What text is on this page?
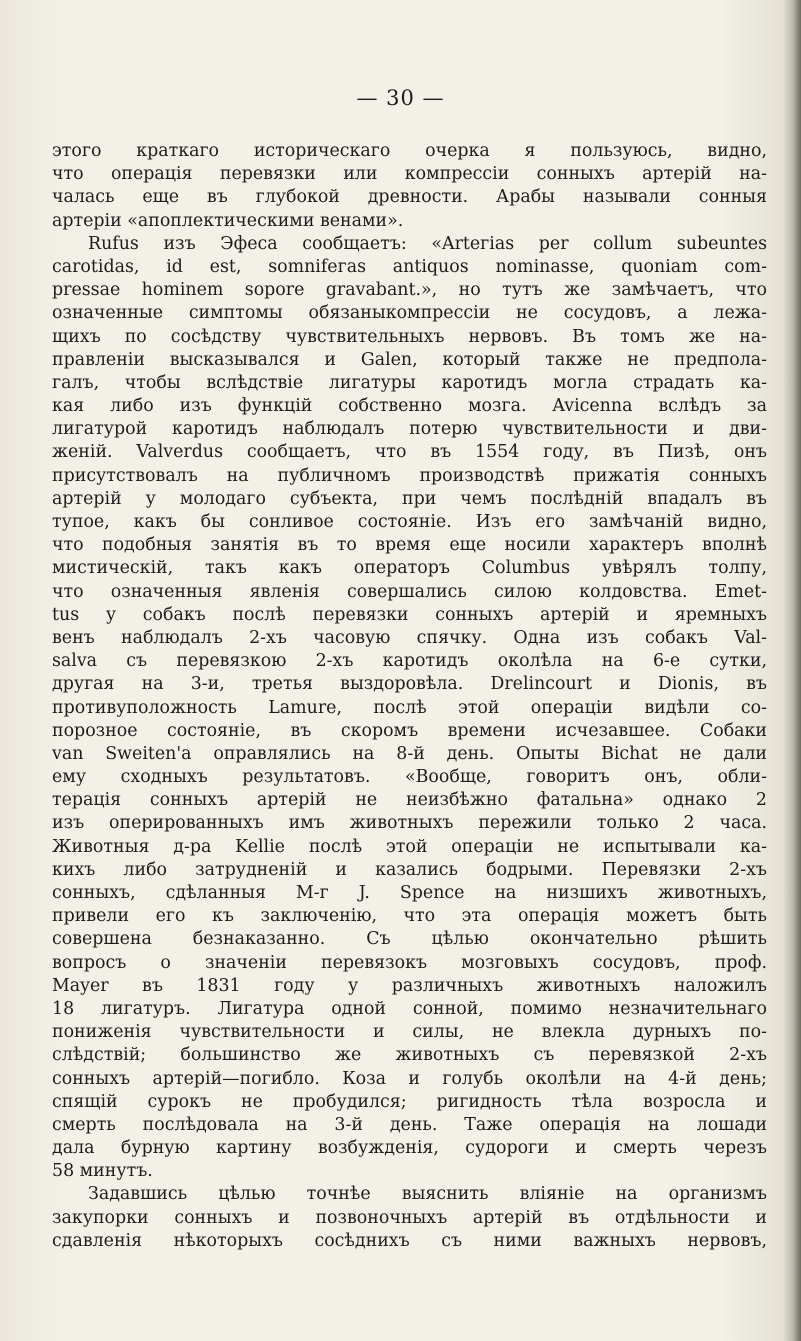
— 30 —
этого краткаго историческаго очерка я пользуюсь, видно,
что операція перевязки или компрессіи сонныхъ артерій на-
чалась еще въ глубокой древности. Арабы называли сонныя
артеріи «апоплектическими венами».
Rufus изъ Эфеса сообщаетъ: «Arteгias per collum subeuntes
carotidas, id est, somnifeгas antiquos nominasse, quoniam com-
pressae hominem sopore gravabant.», но тутъ же замѣчаетъ, что
означенные симптомы обязаныкомпрессіи не сосудовъ, а лежа-
щихъ по сосѣдству чувствительныхъ нервовъ. Въ томъ же на-
правленіи высказывался и Galen, который также не предпола-
галъ, чтобы вслѣдствіе лигатуры каротидъ могла страдать ка-
кая либо изъ функцій собственно мозга. Avicenna вслѣдъ за
лигатурой каротидъ наблюдалъ потерю чувствительности и дви-
женій. Valverdus сообщаетъ, что въ 1554 году, въ Пизѣ, онъ
присутствовалъ на публичномъ производствѣ прижатія сонныхъ
артерій у молодаго субъекта, при чемъ послѣдній впадалъ въ
тупое, какъ бы сонливое состояніе. Изъ его замѣчаній видно,
что подобныя занятія въ то время еще носили характеръ вполнѣ
мистическій, такъ какъ операторъ Columbus увѣрялъ толпу,
что означенныя явленія совершались силою колдовства. Emet-
tus у собакъ послѣ перевязки сонныхъ артерій и яремныхъ
венъ наблюдалъ 2-хъ часовую спячку. Одна изъ собакъ Val-
salva съ перевязкою 2-хъ каротидъ околѣла на 6-е сутки,
другая на 3-и, третья выздоровѣла. Drelincourt и Dionis, въ
противуположность Lamure, послѣ этой операціи видѣли со-
порозное состояніе, въ скоромъ времени исчезавшее. Собаки
van Sweiten'а оправлялись на 8-й день. Опыты Bichat не дали
ему сходныхъ результатовъ. «Вообще, говоритъ онъ, обли-
терація сонныхъ артерій не неизбѣжно фатальна» однако 2
изъ оперированныхъ имъ животныхъ пережили только 2 часа.
Животныя д-ра Kellie послѣ этой операціи не испытывали ка-
кихъ либо затрудненій и казались бодрыми. Перевязки 2-хъ
сонныхъ, сдѣланныя М-г J. Spence на низшихъ животныхъ,
привели его къ заключенію, что эта операція можетъ быть
совершена безнаказанно. Съ цѣлью окончательно рѣшить
вопросъ о значеніи перевязокъ мозговыхъ сосудовъ, проф.
Mayer въ 1831 году у различныхъ животныхъ наложилъ
18 лигатуръ. Лигатура одной сонной, помимо незначительнаго
пониженія чувствительности и силы, не влекла дурныхъ по-
слѣдствій; большинство же животныхъ съ перевязкой 2-хъ
сонныхъ артерій—погибло. Коза и голубь околѣли на 4-й день;
спящій сурокъ не пробудился; ригидность тѣла возросла и
смерть послѣдовала на 3-й день. Таже операція на лошади
дала бурную картину возбужденія, судороги и смерть черезъ
58 минутъ.
Задавшись цѣлью точнѣе выяснить вліяніе на организмъ
закупорки сонныхъ и позвоночныхъ артерій въ отдѣльности и
сдавленія нѣкоторыхъ сосѣднихъ съ ними важныхъ нервовъ,
